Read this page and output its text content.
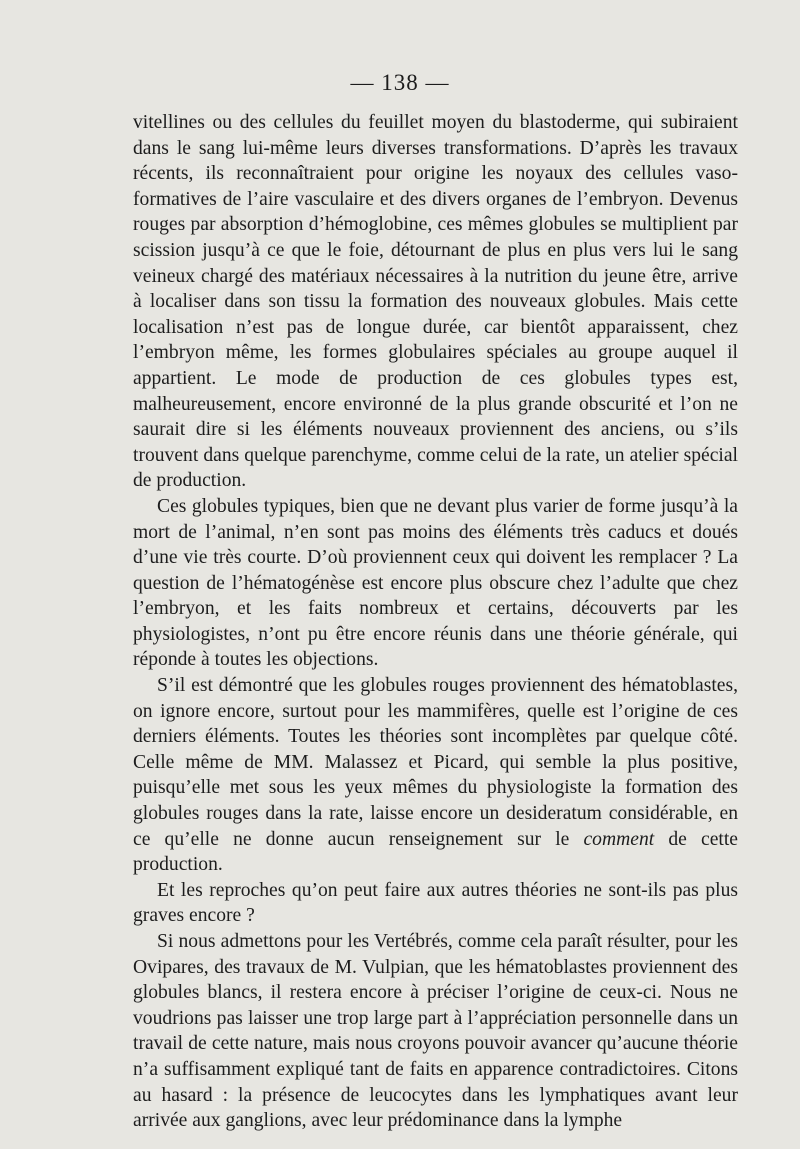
— 138 —

vitellines ou des cellules du feuillet moyen du blastoderme, qui subiraient dans le sang lui-même leurs diverses transformations. D’après les travaux récents, ils reconnaîtraient pour origine les noyaux des cellules vaso-formatives de l’aire vasculaire et des divers organes de l’embryon. Devenus rouges par absorption d’hémoglobine, ces mêmes globules se multiplient par scission jusqu’à ce que le foie, détournant de plus en plus vers lui le sang veineux chargé des matériaux nécessaires à la nutrition du jeune être, arrive à localiser dans son tissu la formation des nouveaux globules. Mais cette localisation n’est pas de longue durée, car bientôt apparaissent, chez l’embryon même, les formes globulaires spéciales au groupe auquel il appartient. Le mode de production de ces globules types est, malheureusement, encore environné de la plus grande obscurité et l’on ne saurait dire si les éléments nouveaux proviennent des anciens, ou s’ils trouvent dans quelque parenchyme, comme celui de la rate, un atelier spécial de production.

Ces globules typiques, bien que ne devant plus varier de forme jusqu’à la mort de l’animal, n’en sont pas moins des éléments très caducs et doués d’une vie très courte. D’où proviennent ceux qui doivent les remplacer ? La question de l’hématogénèse est encore plus obscure chez l’adulte que chez l’embryon, et les faits nombreux et certains, découverts par les physiologistes, n’ont pu être encore réunis dans une théorie générale, qui réponde à toutes les objections.

S’il est démontré que les globules rouges proviennent des hématoblastes, on ignore encore, surtout pour les mammifères, quelle est l’origine de ces derniers éléments. Toutes les théories sont incomplètes par quelque côté. Celle même de MM. Malassez et Picard, qui semble la plus positive, puisqu’elle met sous les yeux mêmes du physiologiste la formation des globules rouges dans la rate, laisse encore un desideratum considérable, en ce qu’elle ne donne aucun renseignement sur le comment de cette production.

Et les reproches qu’on peut faire aux autres théories ne sont-ils pas plus graves encore ?

Si nous admettons pour les Vertébrés, comme cela paraît résulter, pour les Ovipares, des travaux de M. Vulpian, que les hématoblastes proviennent des globules blancs, il restera encore à préciser l’origine de ceux-ci. Nous ne voudrions pas laisser une trop large part à l’appréciation personnelle dans un travail de cette nature, mais nous croyons pouvoir avancer qu’aucune théorie n’a suffisamment expliqué tant de faits en apparence contradictoires. Citons au hasard : la présence de leucocytes dans les lymphatiques avant leur arrivée aux ganglions, avec leur prédominance dans la lymphe
